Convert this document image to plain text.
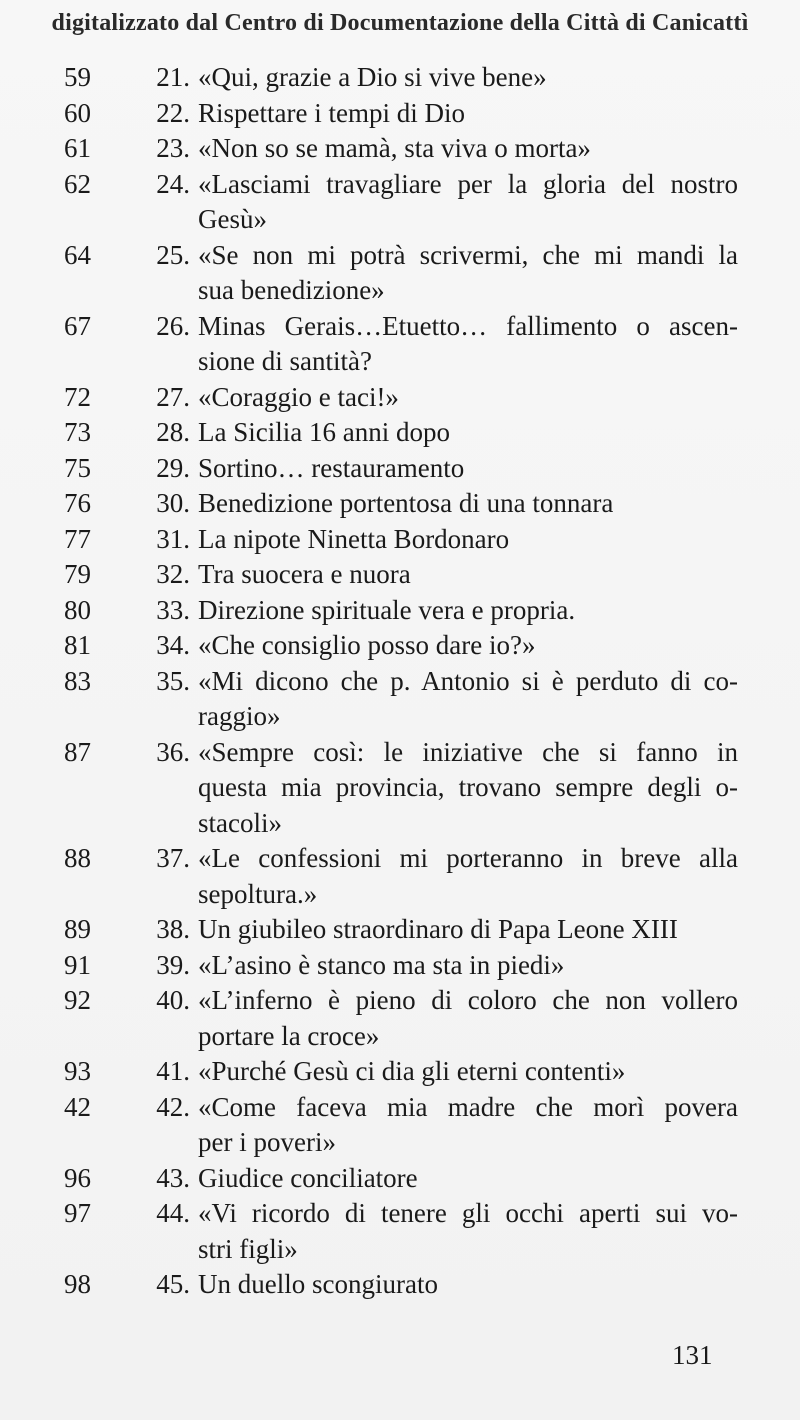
digitalizzato dal Centro di Documentazione della Città di Canicattì
59	21. «Qui, grazie a Dio si vive bene»
60	22. Rispettare i tempi di Dio
61	23. «Non so se mamà, sta viva o morta»
62	24. «Lasciami travagliare per la gloria del nostro
Gesù»
64	25. «Se non mi potrà scrivermi, che mi mandi la
sua benedizione»
67	26. Minas Gerais…Etuetto… fallimento o ascen-
sione di santità?
72	27. «Coraggio e taci!»
73	28. La Sicilia 16 anni dopo
75	29. Sortino… restauramento
76	30. Benedizione portentosa di una tonnara
77	31. La nipote Ninetta Bordonaro
79	32. Tra suocera e nuora
80	33. Direzione spirituale vera e propria.
81	34. «Che consiglio posso dare io?»
83	35. «Mi dicono che p. Antonio si è perduto di co-
raggio»
87	36. «Sempre così: le iniziative che si fanno in
questa mia provincia, trovano sempre degli o-
stacoli»
88	37. «Le confessioni mi porteranno in breve alla
sepoltura.»
89	38. Un giubileo straordinaro di Papa Leone XIII
91	39. «L’asino è stanco ma sta in piedi»
92	40. «L’inferno è pieno di coloro che non vollero
portare la croce»
93	41. «Purché Gesù ci dia gli eterni contenti»
42	42. «Come faceva mia madre che morì povera
per i poveri»
96	43. Giudice conciliatore
97	44. «Vi ricordo di tenere gli occhi aperti sui vo-
stri figli»
98	45. Un duello scongiurato
131
